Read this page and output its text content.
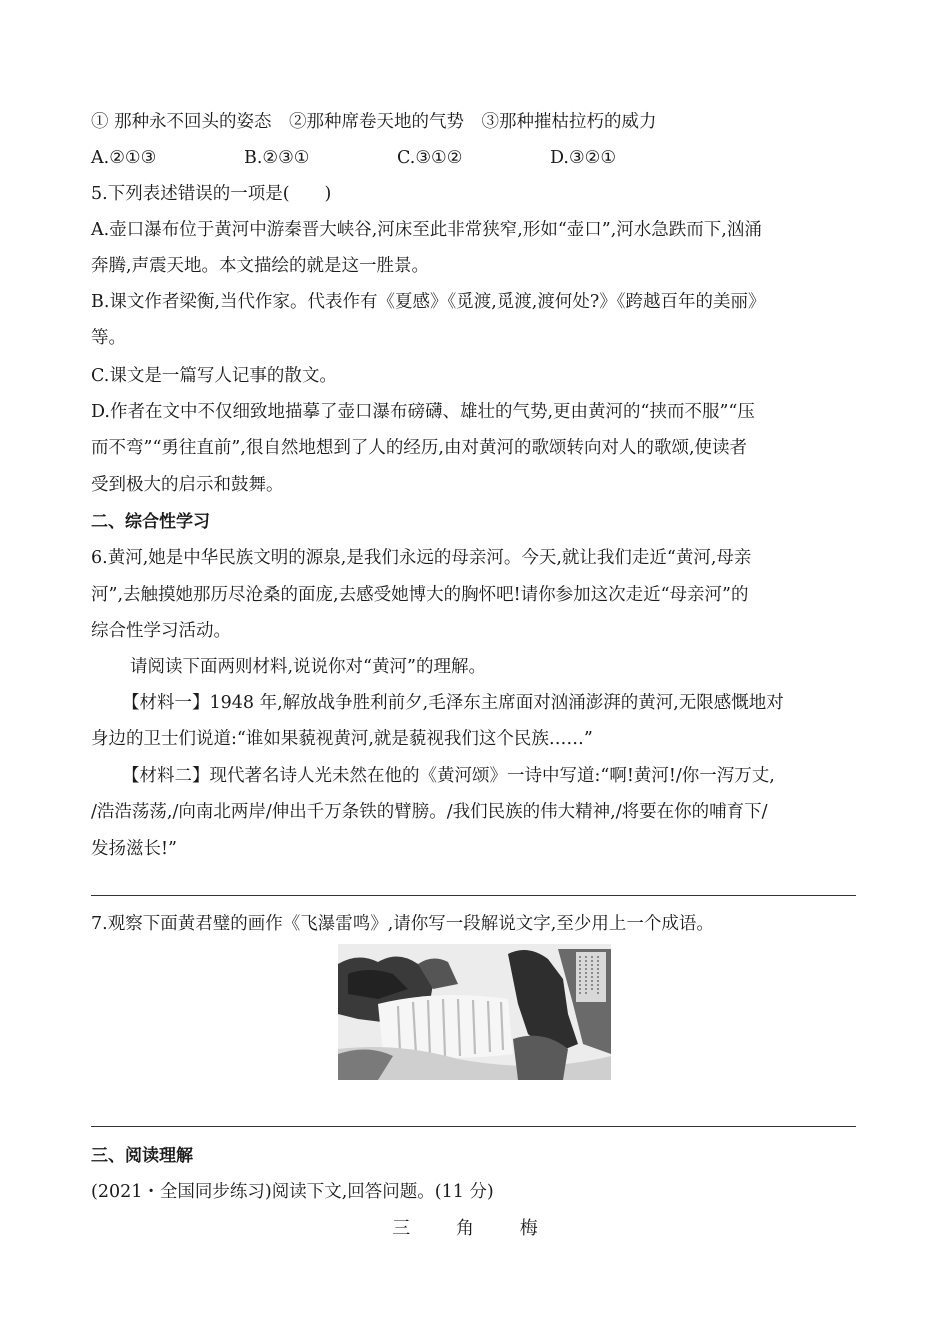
① 那种永不回头的姿态　②那种席卷天地的气势　③那种摧枯拉朽的威力
A.②①③	B.②③①	C.③①②	D.③②①
5.下列表述错误的一项是(　　)
A.壶口瀑布位于黄河中游秦晋大峡谷,河床至此非常狭窄,形如“壶口”,河水急跌而下,汹涌
奔腾,声震天地。本文描绘的就是这一胜景。
B.课文作者梁衡,当代作家。代表作有《夏感》《觅渡,觅渡,渡何处?》《跨越百年的美丽》
等。
C.课文是一篇写人记事的散文。
D.作者在文中不仅细致地描摹了壶口瀑布磅礴、雄壮的气势,更由黄河的“挟而不服”“压
而不弯”“勇往直前”,很自然地想到了人的经历,由对黄河的歌颂转向对人的歌颂,使读者
受到极大的启示和鼓舞。
二、综合性学习
6.黄河,她是中华民族文明的源泉,是我们永远的母亲河。今天,就让我们走近“黄河,母亲
河”,去触摸她那历尽沧桑的面庞,去感受她博大的胸怀吧!请你参加这次走近“母亲河”的
综合性学习活动。
请阅读下面两则材料,说说你对“黄河”的理解。
【材料一】1948 年,解放战争胜利前夕,毛泽东主席面对汹涌澎湃的黄河,无限感慨地对
身边的卫士们说道:“谁如果藐视黄河,就是藐视我们这个民族……”
【材料二】现代著名诗人光未然在他的《黄河颂》一诗中写道:“啊!黄河!/你一泻万丈,
/浩浩荡荡,/向南北两岸/伸出千万条铁的臂膀。/我们民族的伟大精神,/将要在你的哺育下/
发扬滋长!”
7.观察下面黄君璧的画作《飞瀑雷鸣》,请你写一段解说文字,至少用上一个成语。
三、阅读理解
(2021・全国同步练习)阅读下文,回答问题。(11 分)
三 角 梅
